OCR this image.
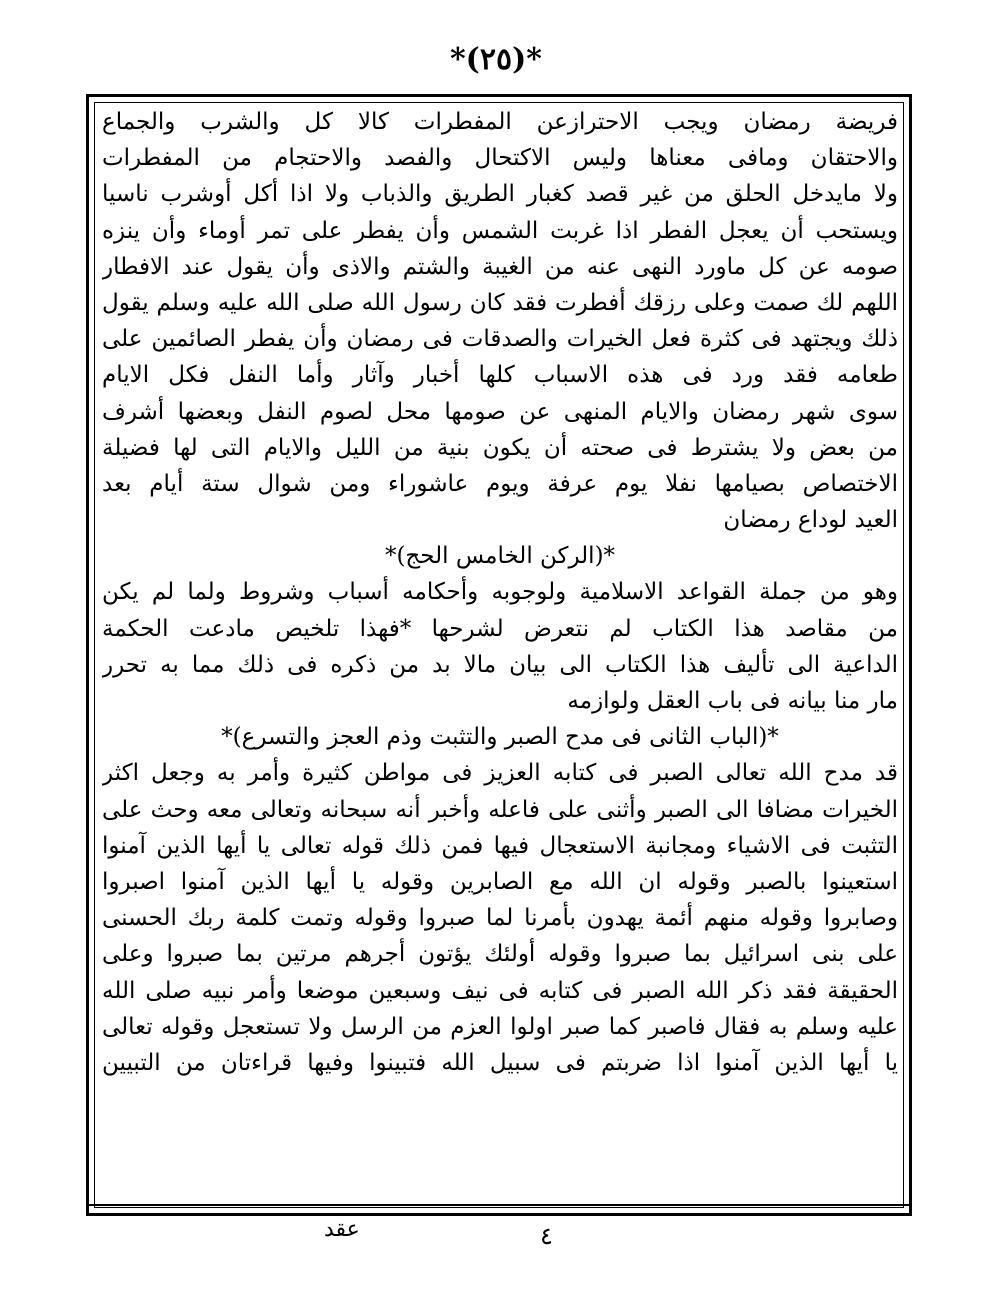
*(٢٥)*
فريضة رمضان ويجب الاحترازعن المفطرات كالا كل والشرب والجماع
والاحتقان ومافى معناها وليس الاكتحال والفصد والاحتجام من المفطرات
ولا مايدخل الحلق من غير قصد كغبار الطريق والذباب ولا اذا أكل أوشرب ناسيا
ويستحب أن يعجل الفطر اذا غربت الشمس وأن يفطر على تمر أوماء وأن ينزه
صومه عن كل ماورد النهى عنه من الغيبة والشتم والاذى وأن يقول عند الافطار
اللهم لك صمت وعلى رزقك أفطرت فقد كان رسول الله صلى الله عليه وسلم يقول
ذلك ويجتهد فى كثرة فعل الخيرات والصدقات فى رمضان وأن يفطر الصائمين على
طعامه فقد ورد فى هذه الاسباب كلها أخبار وآثار وأما النفل فكل الايام
سوى شهر رمضان والايام المنهى عن صومها محل لصوم النفل وبعضها أشرف
من بعض ولا يشترط فى صحته أن يكون بنية من الليل والايام التى لها فضيلة
الاختصاص بصيامها نفلا يوم عرفة ويوم عاشوراء ومن شوال ستة أيام بعد
العيد لوداع رمضان
*(الركن الخامس الحج)*
وهو من جملة القواعد الاسلامية ولوجوبه وأحكامه أسباب وشروط ولما لم يكن
من مقاصد هذا الكتاب لم نتعرض لشرحها *فهذا تلخيص مادعت الحكمة
الداعية الى تأليف هذا الكتاب الى بيان مالا بد من ذكره فى ذلك مما به تحرر
مار منا بيانه فى باب العقل ولوازمه
*(الباب الثانى فى مدح الصبر والتثبت وذم العجز والتسرع)*
قد مدح الله تعالى الصبر فى كتابه العزيز فى مواطن كثيرة وأمر به وجعل اكثر
الخيرات مضافا الى الصبر وأثنى على فاعله وأخبر أنه سبحانه وتعالى معه وحث على
التثبت فى الاشياء ومجانبة الاستعجال فيها فمن ذلك قوله تعالى يا أيها الذين آمنوا
استعينوا بالصبر وقوله ان الله مع الصابرين وقوله يا أيها الذين آمنوا اصبروا
وصابروا وقوله منهم أئمة يهدون بأمرنا لما صبروا وقوله وتمت كلمة ربك الحسنى
على بنى اسرائيل بما صبروا وقوله أولئك يؤتون أجرهم مرتين بما صبروا وعلى
الحقيقة فقد ذكر الله الصبر فى كتابه فى نيف وسبعين موضعا وأمر نبيه صلى الله
عليه وسلم به فقال فاصبر كما صبر اولوا العزم من الرسل ولا تستعجل وقوله تعالى
يا أيها الذين آمنوا اذا ضربتم فى سبيل الله فتبينوا وفيها قراءتان من التبيين
عقد	٤
